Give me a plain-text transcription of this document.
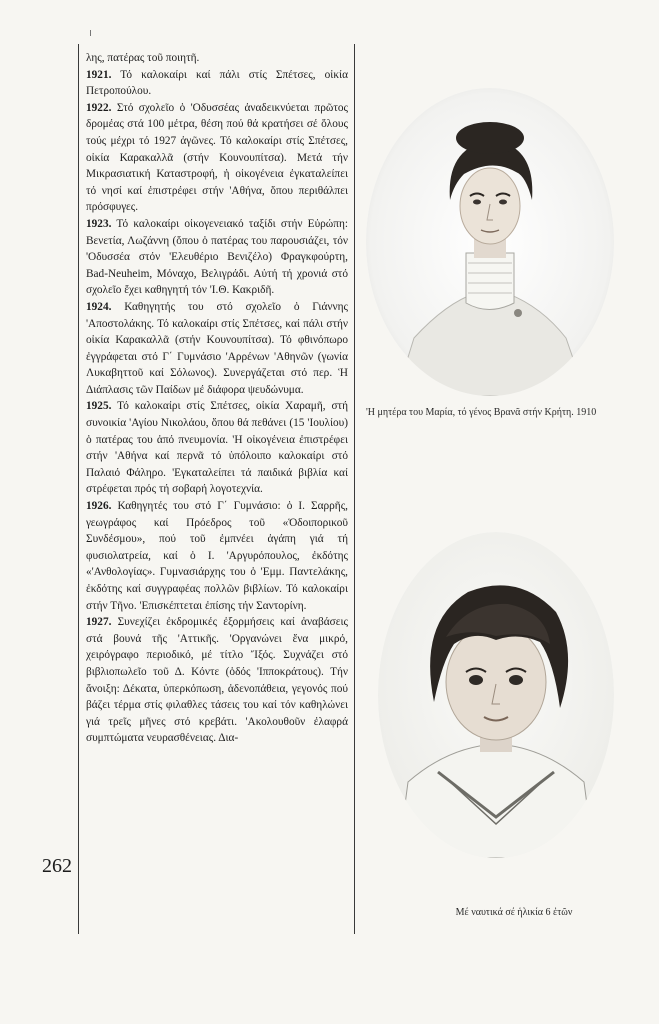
λης, πατέρας τοῦ ποιητῆ.

1921. Τό καλοκαίρι καί πάλι στίς Σπέτσες, οἰκία Πετροπούλου.

1922. Στό σχολεῖο ὁ 'Οδυσσέας ἀναδεικνύεται πρῶτος δρομέας στά 100 μέτρα, θέση πού θά κρατήσει σέ ὅλους τούς μέχρι τό 1927 ἀγῶνες. Τό καλοκαίρι στίς Σπέτσες, οἰκία Καρακαλλᾶ (στήν Κουνουπίτσα). Μετά τήν Μικρασιατική Καταστροφή, ἡ οἰκογένεια ἐγκαταλείπει τό νησί καί ἐπιστρέφει στήν 'Αθήνα, ὅπου περιθάλπει πρόσφυγες.

1923. Τό καλοκαίρι οἰκογενειακό ταξίδι στήν Εὐρώπη: Βενετία, Λωζάννη (ὅπου ὁ πατέρας του παρουσιάζει, τόν 'Οδυσσέα στόν 'Ελευθέριο Βενιζέλο) Φραγκφούρτη, Bad-Neuheim, Μόναχο, Βελιγράδι. Αὐτή τή χρονιά στό σχολεῖο ἔχει καθηγητή τόν 'Ι.Θ. Κακριδῆ.

1924. Καθηγητής του στό σχολεῖο ὁ Γιάννης 'Αποστολάκης. Τό καλοκαίρι στίς Σπέτσες, καί πάλι στήν οἰκία Καρακαλλᾶ (στήν Κουνουπίτσα). Τό φθινόπωρο ἐγγράφεται στό Γ΄ Γυμνάσιο 'Αρρένων 'Αθηνῶν (γωνία Λυκαβηττοῦ καί Σόλωνος). Συνεργάζεται στό περ. Ἡ Διάπλασις τῶν Παίδων μέ διάφορα ψευδώνυμα.

1925. Τό καλοκαίρι στίς Σπέτσες, οἰκία Χαραμῆ, στή συνοικία 'Αγίου Νικολάου, ὅπου θά πεθάνει (15 'Ιουλίου) ὁ πατέρας του ἀπό πνευμονία. 'Η οἰκογένεια ἐπιστρέφει στήν 'Αθήνα καί περνᾶ τό ὑπόλοιπο καλοκαίρι στό Παλαιό Φάληρο. 'Εγκαταλείπει τά παιδικά βιβλία καί στρέφεται πρός τή σοβαρή λογοτεχνία.

1926. Καθηγητές του στό Γ΄ Γυμνάσιο: ὁ Ι. Σαρρῆς, γεωγράφος καί Πρόεδρος τοῦ «Ὁδοιπορικοῦ Συνδέσμου», πού τοῦ ἐμπνέει ἀγάπη γιά τή φυσιολατρεία, καί ὁ Ι. 'Αργυρόπουλος, ἐκδότης «'Ανθολογίας». Γυμνασιάρχης του ὁ 'Εμμ. Παντελάκης, ἐκδότης καί συγγραφέας πολλῶν βιβλίων. Τό καλοκαίρι στήν Τῆνο. 'Επισκέπτεται ἐπίσης τήν Σαντορίνη.

1927. Συνεχίζει ἐκδρομικές ἐξορμήσεις καί ἀναβάσεις στά βουνά τῆς 'Αττικῆς. 'Οργανώνει ἕνα μικρό, χειρόγραφο περιοδικό, μέ τίτλο Ἴξός. Συχνάζει στό βιβλιοπωλεῖο τοῦ Δ. Κόντε (ὁδός 'Ιπποκράτους). Τήν ἄνοιξη: Δέκατα, ὑπερκόπωση, ἀδενοπάθεια, γεγονός πού βάζει τέρμα στίς φιλαθλες τάσεις του καί τόν καθηλώνει γιά τρεῖς μῆνες στό κρεβάτι. 'Ακολουθοῦν ἐλαφρά συμπτώματα νευρασθένειας. Δια-

262
'Η μητέρα του Μαρία, τό γένος Βρανᾶ στήν Κρήτη. 1910
Μέ ναυτικά σέ ἡλικία 6 ἐτῶν
